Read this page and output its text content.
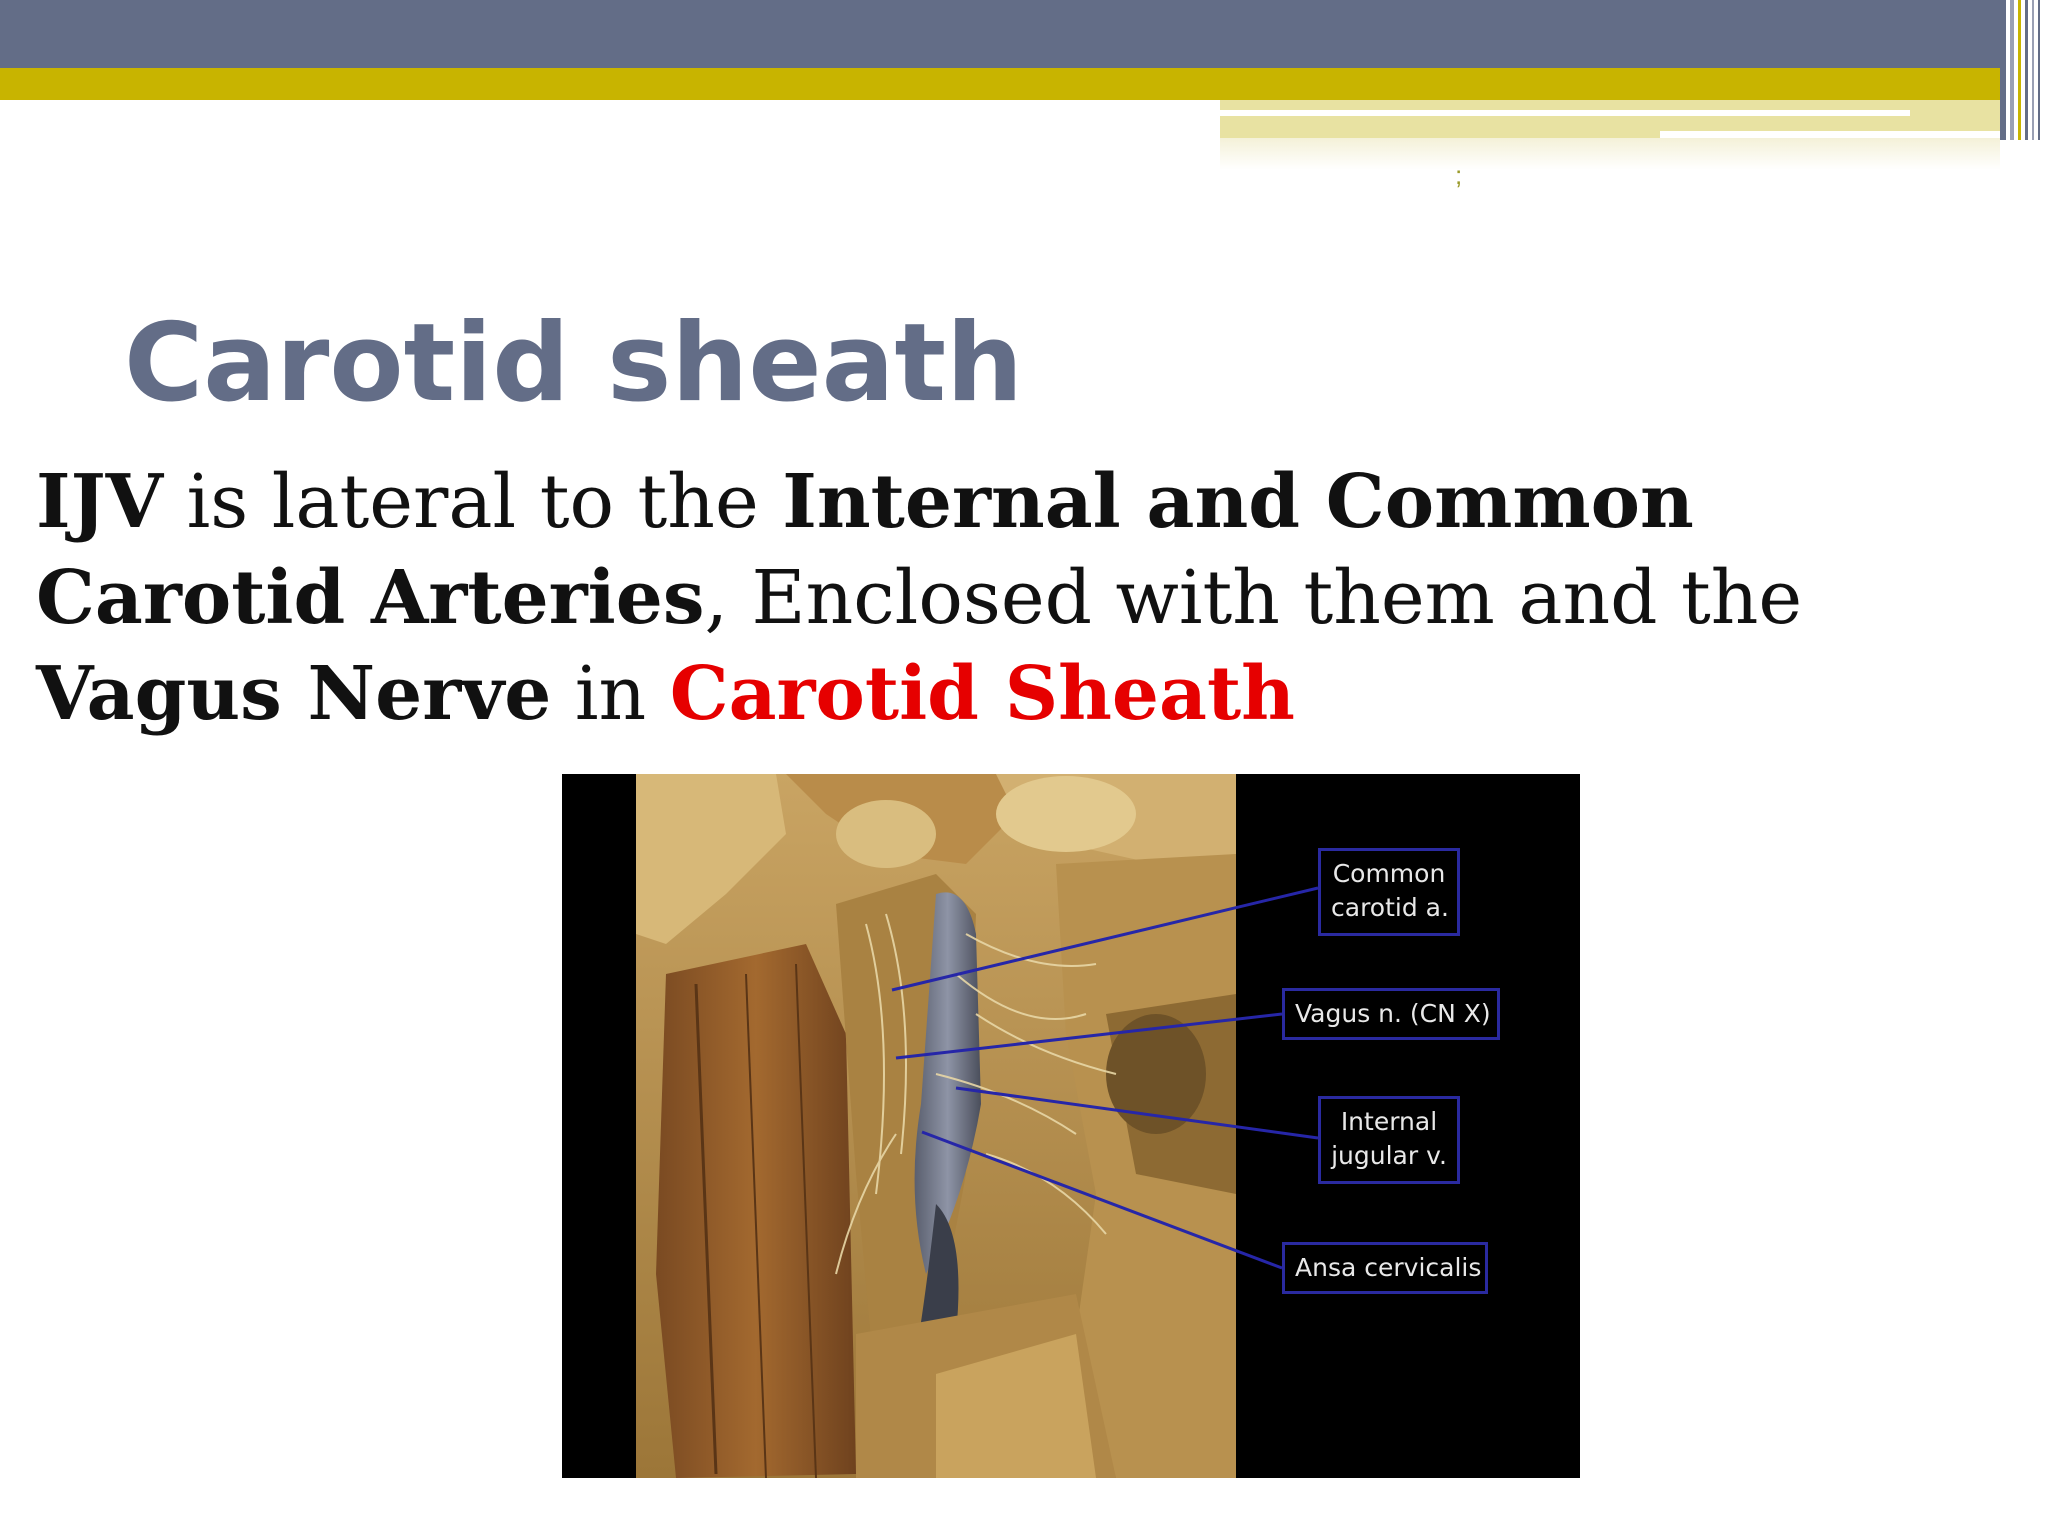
;
Carotid sheath

IJV is lateral to the Internal and Common
Carotid Arteries, Enclosed with them and the
Vagus Nerve in Carotid Sheath

Common
carotid a.
Vagus n. (CN X)
Internal
jugular v.
Ansa cervicalis
